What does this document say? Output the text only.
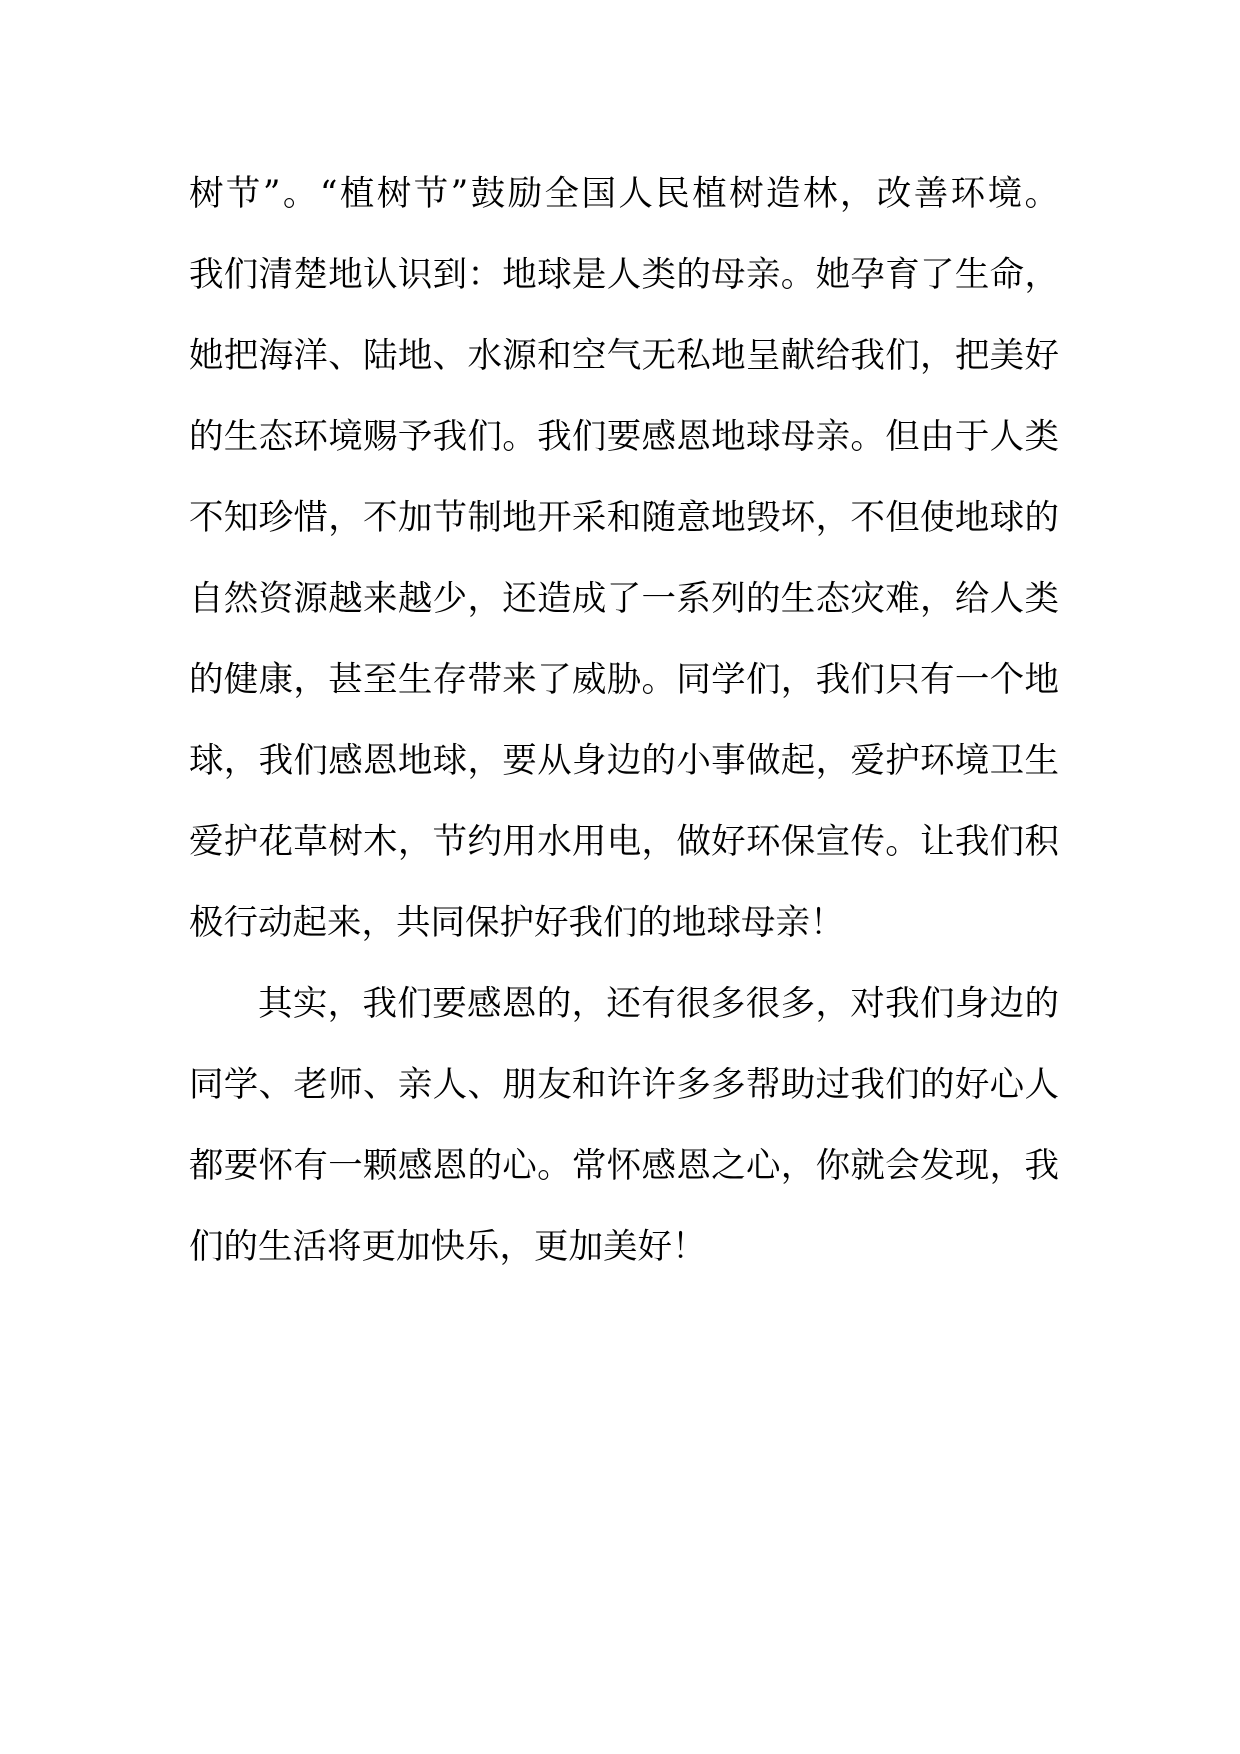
树节”。“植树节”鼓励全国人民植树造林，改善环境。
我们清楚地认识到：地球是人类的母亲。她孕育了生命，
她把海洋、陆地、水源和空气无私地呈献给我们，把美好
的生态环境赐予我们。我们要感恩地球母亲。但由于人类
不知珍惜，不加节制地开采和随意地毁坏，不但使地球的
自然资源越来越少，还造成了一系列的生态灾难，给人类
的健康，甚至生存带来了威胁。同学们，我们只有一个地
球，我们感恩地球，要从身边的小事做起，爱护环境卫生
爱护花草树木，节约用水用电，做好环保宣传。让我们积
极行动起来，共同保护好我们的地球母亲！
其实，我们要感恩的，还有很多很多，对我们身边的
同学、老师、亲人、朋友和许许多多帮助过我们的好心人
都要怀有一颗感恩的心。常怀感恩之心，你就会发现，我
们的生活将更加快乐，更加美好！
